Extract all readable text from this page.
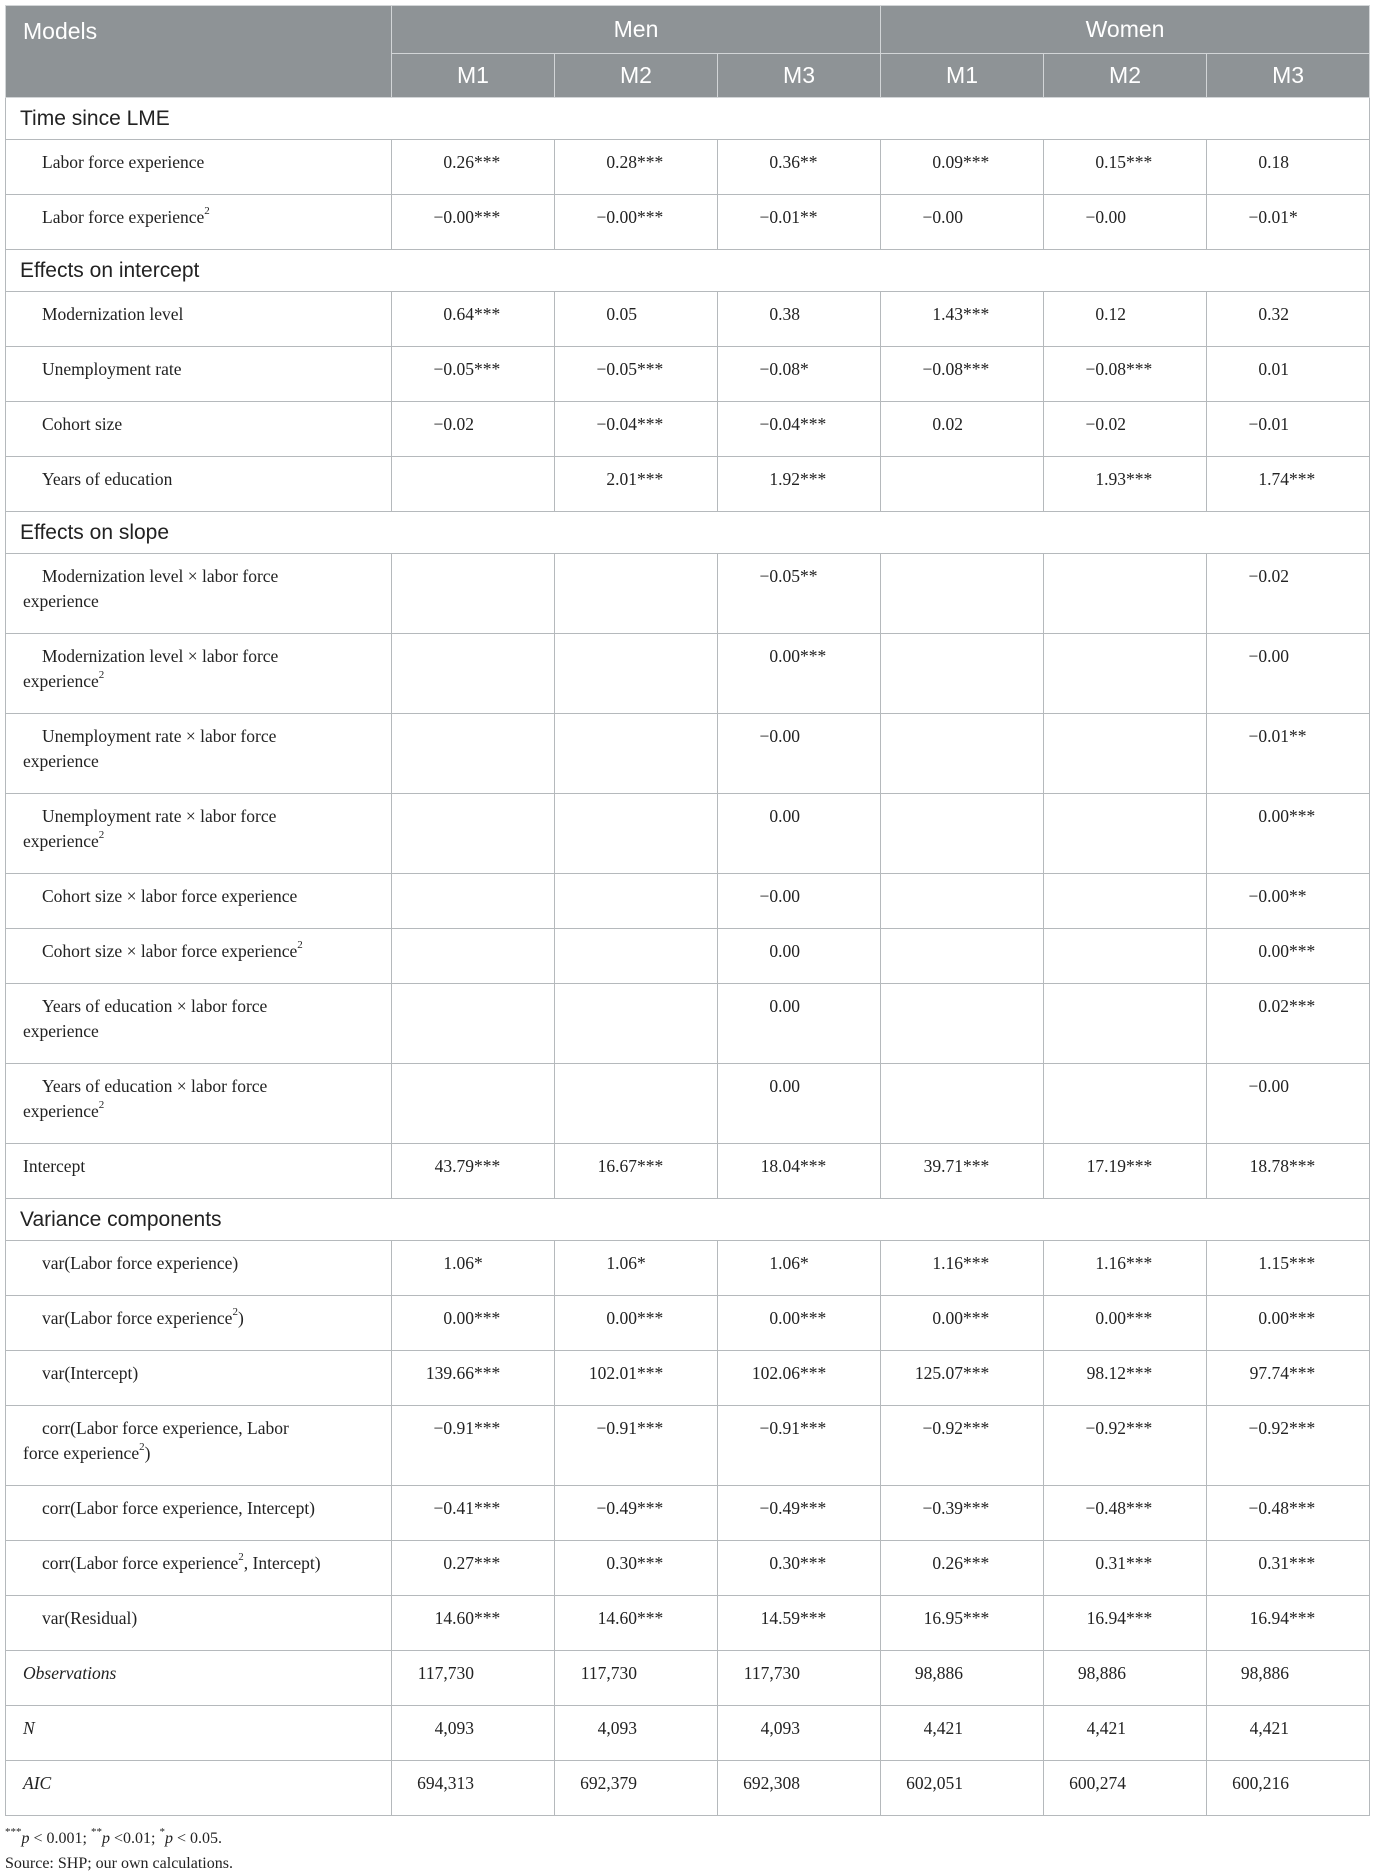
Models	Men			Women		
	M1	M2	M3	M1	M2	M3
Time since LME						
Labor force experience	0.26***	0.28***	0.36**	0.09***	0.15***	0.18
Labor force experience$^2$	−0.00***	−0.00***	−0.01**	−0.00	−0.00	−0.01*
Effects on intercept						
Modernization level	0.64***	0.05	0.38	1.43***	0.12	0.32
Unemployment rate	−0.05***	−0.05***	−0.08*	−0.08***	−0.08***	0.01
Cohort size	−0.02	−0.04***	−0.04***	0.02	−0.02	−0.01
Years of education		2.01***	1.92***		1.93***	1.74***
Effects on slope						
Modernization level × labor force
experience			−0.05**			−0.02
Modernization level × labor force
experience$^2$			0.00***			−0.00
Unemployment rate × labor force
experience			−0.00			−0.01**
Unemployment rate × labor force
experience$^2$			0.00			0.00***
Cohort size × labor force experience			−0.00			−0.00**
Cohort size × labor force experience$^2$			0.00			0.00***
Years of education × labor force
experience			0.00			0.02***
Years of education × labor force
experience$^2$			0.00			−0.00
Intercept	43.79***	16.67***	18.04***	39.71***	17.19***	18.78***
Variance components						
var(Labor force experience)	1.06*	1.06*	1.06*	1.16***	1.16***	1.15***
var(Labor force experience$^2$)	0.00***	0.00***	0.00***	0.00***	0.00***	0.00***
var(Intercept)	139.66***	102.01***	102.06***	125.07***	98.12***	97.74***
corr(Labor force experience, Labor
force experience$^2$)	−0.91***	−0.91***	−0.91***	−0.92***	−0.92***	−0.92***
corr(Labor force experience, Intercept)	−0.41***	−0.49***	−0.49***	−0.39***	−0.48***	−0.48***
corr(Labor force experience$^2$, Intercept)	0.27***	0.30***	0.30***	0.26***	0.31***	0.31***
var(Residual)	14.60***	14.60***	14.59***	16.95***	16.94***	16.94***
Observations	117,730	117,730	117,730	98,886	98,886	98,886
N	4,093	4,093	4,093	4,421	4,421	4,421
AIC	694,313	692,379	692,308	602,051	600,274	600,216
***p < 0.001; **p <0.01; *p < 0.05.
Source: SHP; our own calculations.
